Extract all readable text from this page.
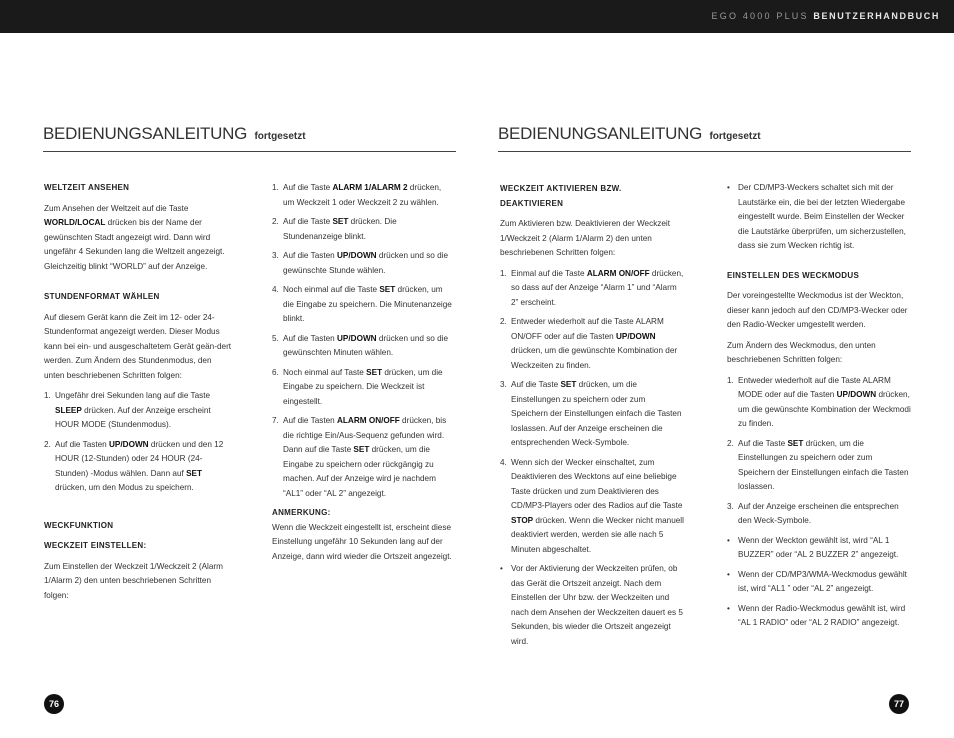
EGO 4000 PLUS BENUTZERHANDBUCH
BEDIENUNGSANLEITUNG fortgesetzt	BEDIENUNGSANLEITUNG fortgesetzt
WELTZEIT ANSEHEN

Zum Ansehen der Weltzeit auf die Taste WORLD/LOCAL drücken bis der Name der gewünschten Stadt angezeigt wird. Dann wird ungefähr 4 Sekunden lang die Weltzeit angezeigt. Gleichzeitig blinkt “WORLD” auf der Anzeige.

STUNDENFORMAT WÄHLEN

Auf diesem Gerät kann die Zeit im 12- oder 24-Stundenformat angezeigt werden. Dieser Modus kann bei ein- und ausgeschaltetem Gerät geän-dert werden. Zum Ändern des Stundenmodus, den unten beschriebenen Schritten folgen:

1. Ungefähr drei Sekunden lang auf die Taste SLEEP drücken. Auf der Anzeige erscheint HOUR MODE (Stundenmodus).
2. Auf die Tasten UP/DOWN drücken und den 12 HOUR (12-Stunden) oder 24 HOUR (24-Stunden) -Modus wählen. Dann auf SET drücken, um den Modus zu speichern.
WECKFUNKTION
WECKZEIT EINSTELLEN:

Zum Einstellen der Weckzeit 1/Weckzeit 2 (Alarm 1/Alarm 2) den unten beschriebenen Schritten folgen:

1. Auf die Taste ALARM 1/ALARM 2 drücken, um Weckzeit 1 oder Weckzeit 2 zu wählen.
2. Auf die Taste SET drücken. Die Stundenanzeige blinkt.
3. Auf die Tasten UP/DOWN drücken und so die gewünschte Stunde wählen.
4. Noch einmal auf die Taste SET drücken, um die Eingabe zu speichern. Die Minutenanzeige blinkt.
5. Auf die Tasten UP/DOWN drücken und so die gewünschten Minuten wählen.
6. Noch einmal auf Taste SET drücken, um die Eingabe zu speichern. Die Weckzeit ist eingestellt.
7. Auf die Tasten ALARM ON/OFF drücken, bis die richtige Ein/Aus-Sequenz gefunden wird. Dann auf die Taste SET drücken, um die Eingabe zu speichern oder rückgängig zu machen. Auf der Anzeige wird je nachdem “AL1” oder “AL 2” angezeigt.
ANMERKUNG:

Wenn die Weckzeit eingestellt ist, erscheint diese Einstellung ungefähr 10 Sekunden lang auf der Anzeige, dann wird wieder die Ortszeit angezeigt.

WECKZEIT AKTIVIEREN BZW. DEAKTIVIEREN

Zum Aktivieren bzw. Deaktivieren der Weckzeit 1/Weckzeit 2 (Alarm 1/Alarm 2) den unten beschriebenen Schritten folgen:

1. Einmal auf die Taste ALARM ON/OFF drücken, so dass auf der Anzeige “Alarm 1” und “Alarm 2” erscheint.
2. Entweder wiederholt auf die Taste ALARM ON/OFF oder auf die Tasten UP/DOWN drücken, um die gewünschte Kombination der Weckzeiten zu finden.
3. Auf die Taste SET drücken, um die Einstellungen zu speichern oder zum Speichern der Einstellungen einfach die Tasten loslassen. Auf der Anzeige erscheinen die entsprechenden Weck-Symbole.
4. Wenn sich der Wecker einschaltet, zum Deaktivieren des Wecktons auf eine beliebige Taste drücken und zum Deaktivieren des CD/MP3-Players oder des Radios auf die Taste STOP drücken. Wenn die Wecker nicht manuell deaktiviert werden, werden sie alle nach 5 Minuten abgeschaltet.
• Vor der Aktivierung der Weckzeiten prüfen, ob das Gerät die Ortszeit anzeigt. Nach dem Einstellen der Uhr bzw. der Weckzeiten und nach dem Ansehen der Weckzeiten dauert es 5 Sekunden, bis wieder die Ortszeit angezeigt wird.
• Der CD/MP3-Weckers schaltet sich mit der Lautstärke ein, die bei der letzten Wiedergabe eingestellt wurde. Beim Einstellen der Wecker die Lautstärke überprüfen, um sicherzustellen, dass sie zum Wecken richtig ist.
EINSTELLEN DES WECKMODUS

Der voreingestellte Weckmodus ist der Weckton, dieser kann jedoch auf den CD/MP3-Wecker oder den Radio-Wecker umgestellt werden.

Zum Ändern des Weckmodus, den unten beschriebenen Schritten folgen:

1. Entweder wiederholt auf die Taste ALARM MODE oder auf die Tasten UP/DOWN drücken, um die gewünschte Kombination der Weckmodi zu finden.
2. Auf die Taste SET drücken, um die Einstellungen zu speichern oder zum Speichern der Einstellungen einfach die Tasten loslassen.
3. Auf der Anzeige erscheinen die entsprechen den Weck-Symbole.
• Wenn der Weckton gewählt ist, wird “AL 1 BUZZER” oder “AL 2 BUZZER 2” angezeigt.
• Wenn der CD/MP3/WMA-Weckmodus gewählt ist, wird “AL1 ” oder “AL 2” angezeigt.
• Wenn der Radio-Weckmodus gewählt ist, wird “AL 1 RADIO” oder “AL 2 RADIO” angezeigt.
76	77
